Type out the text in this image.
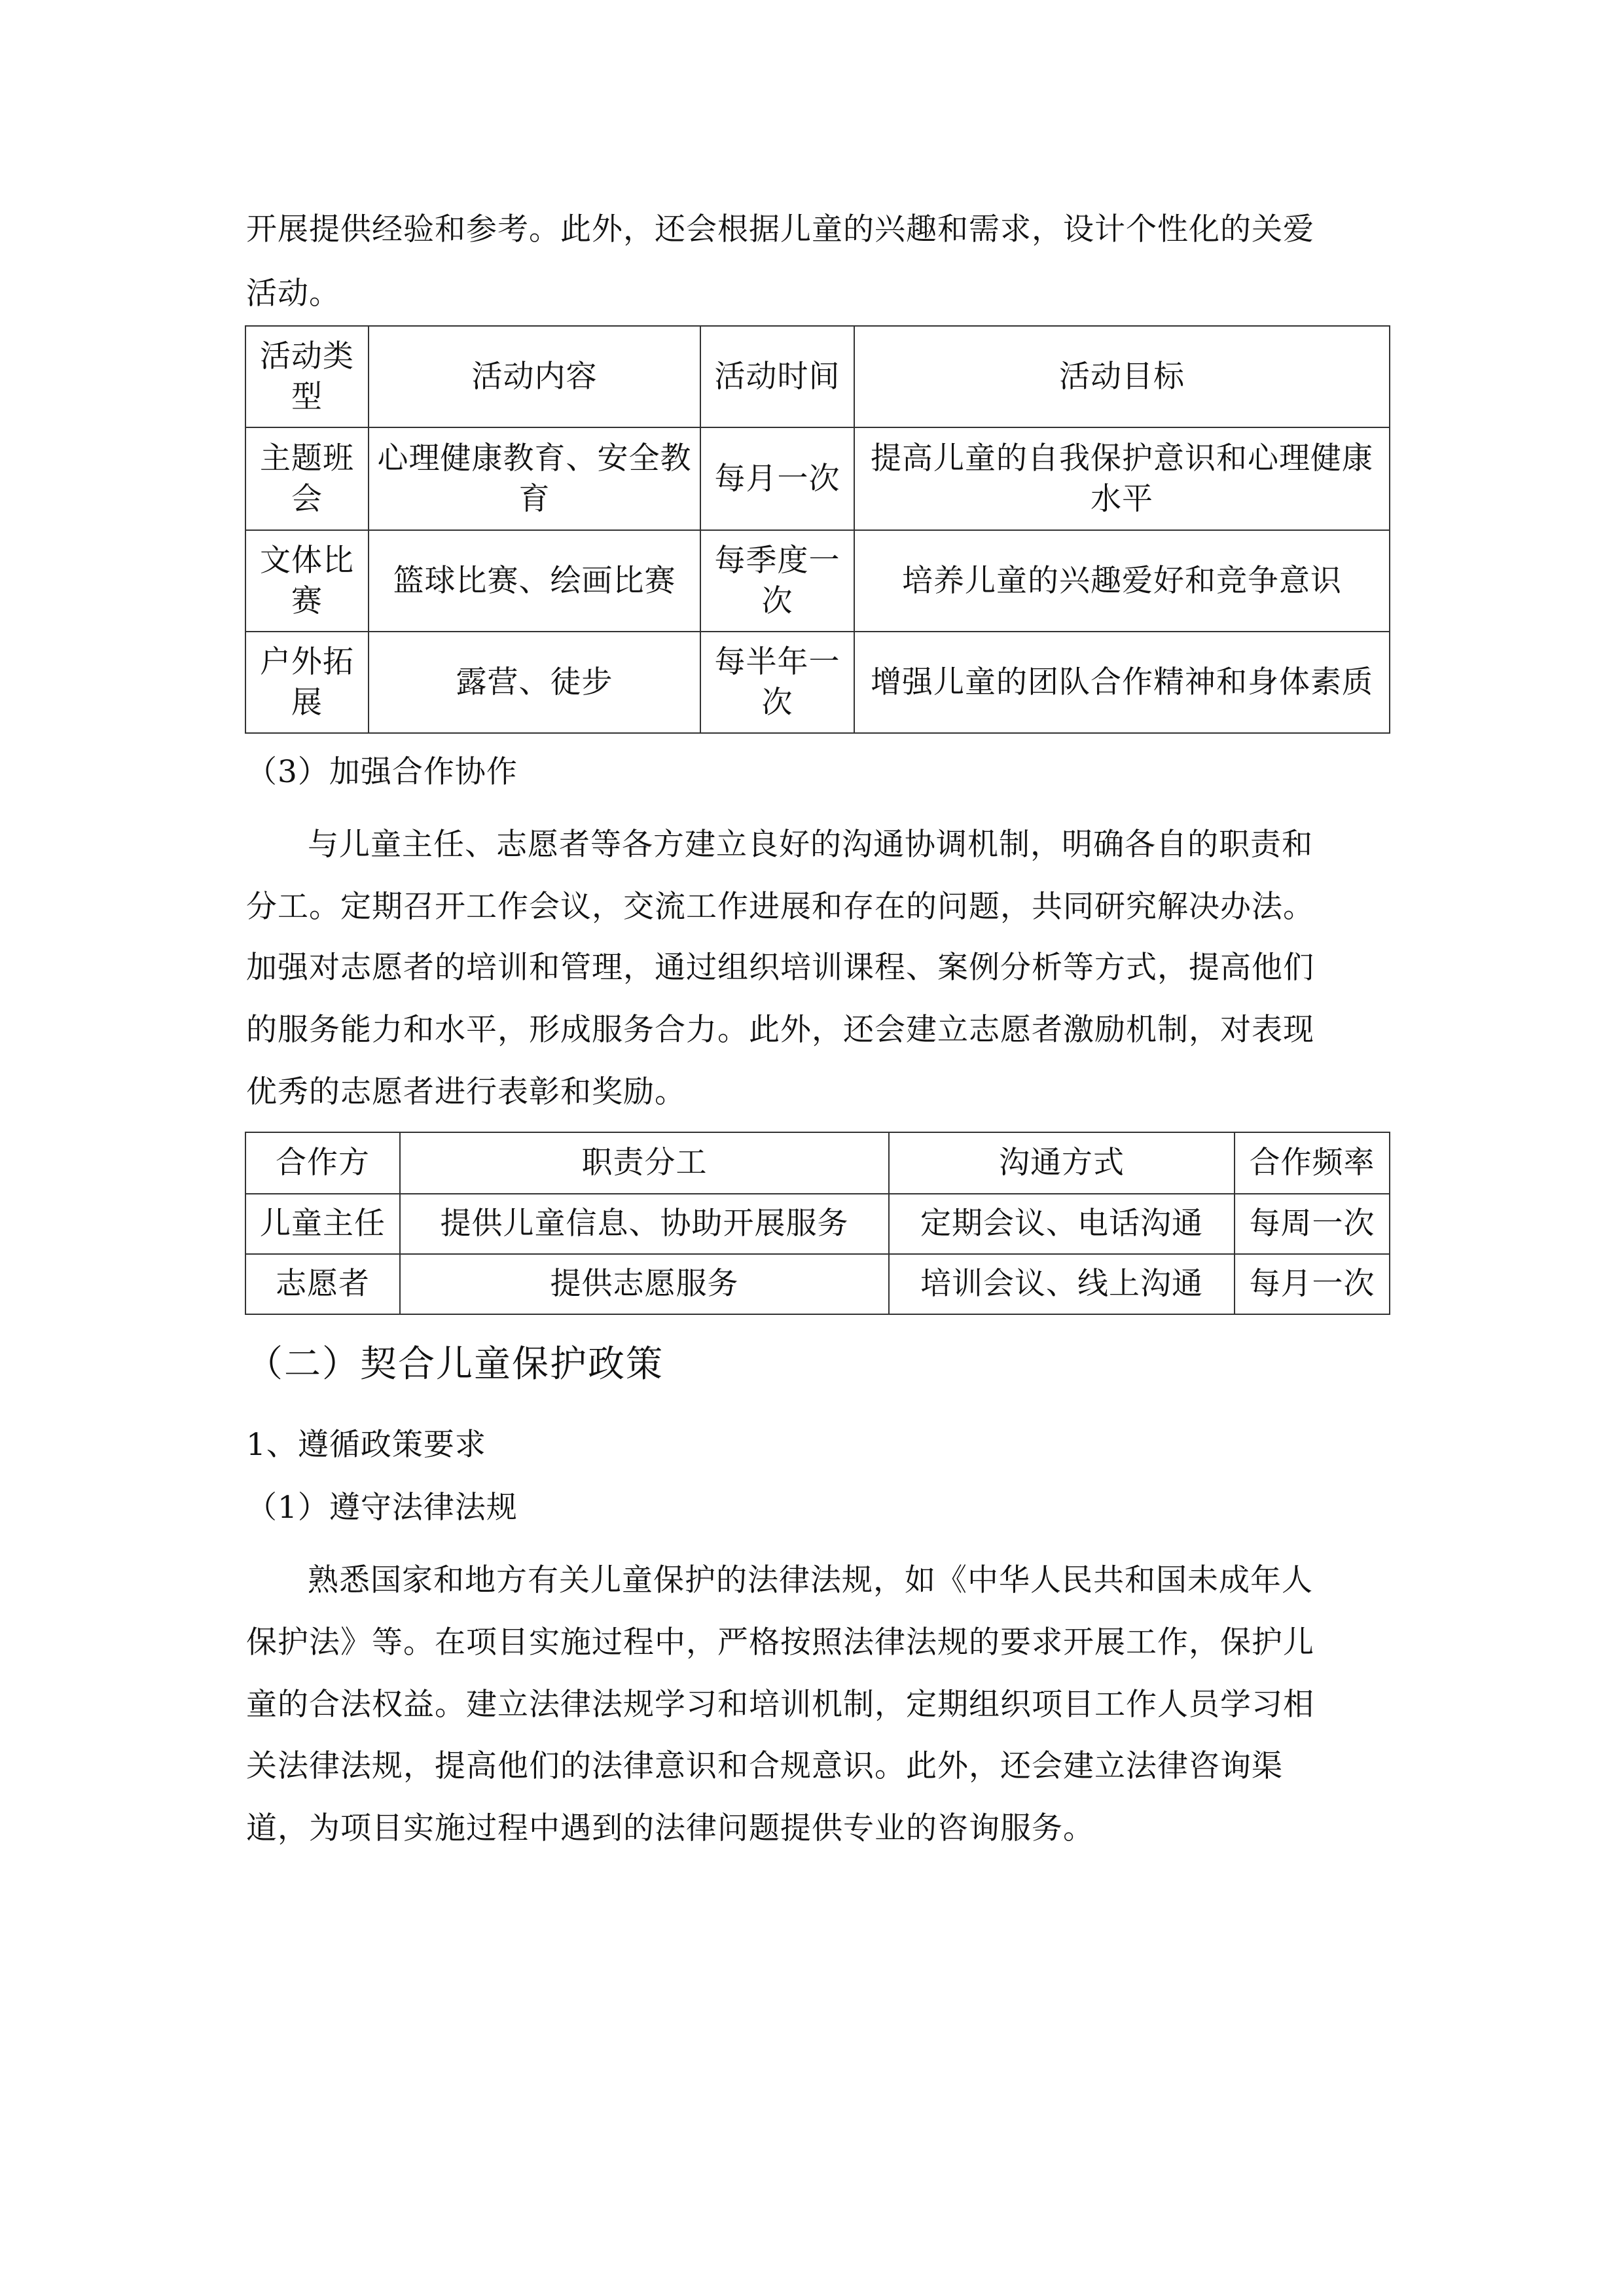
开展提供经验和参考。此外，还会根据儿童的兴趣和需求，设计个性化的关爱
活动。
活动类型	活动内容	活动时间	活动目标
主题班会	心理健康教育、安全教育	每月一次	提高儿童的自我保护意识和心理健康水平
文体比赛	篮球比赛、绘画比赛	每季度一次	培养儿童的兴趣爱好和竞争意识
户外拓展	露营、徒步	每半年一次	增强儿童的团队合作精神和身体素质
（3）加强合作协作
与儿童主任、志愿者等各方建立良好的沟通协调机制，明确各自的职责和
分工。定期召开工作会议，交流工作进展和存在的问题，共同研究解决办法。
加强对志愿者的培训和管理，通过组织培训课程、案例分析等方式，提高他们
的服务能力和水平，形成服务合力。此外，还会建立志愿者激励机制，对表现
优秀的志愿者进行表彰和奖励。
合作方	职责分工	沟通方式	合作频率
儿童主任	提供儿童信息、协助开展服务	定期会议、电话沟通	每周一次
志愿者	提供志愿服务	培训会议、线上沟通	每月一次
（二）契合儿童保护政策
1、遵循政策要求
（1）遵守法律法规
熟悉国家和地方有关儿童保护的法律法规，如《中华人民共和国未成年人
保护法》等。在项目实施过程中，严格按照法律法规的要求开展工作，保护儿
童的合法权益。建立法律法规学习和培训机制，定期组织项目工作人员学习相
关法律法规，提高他们的法律意识和合规意识。此外，还会建立法律咨询渠
道，为项目实施过程中遇到的法律问题提供专业的咨询服务。
